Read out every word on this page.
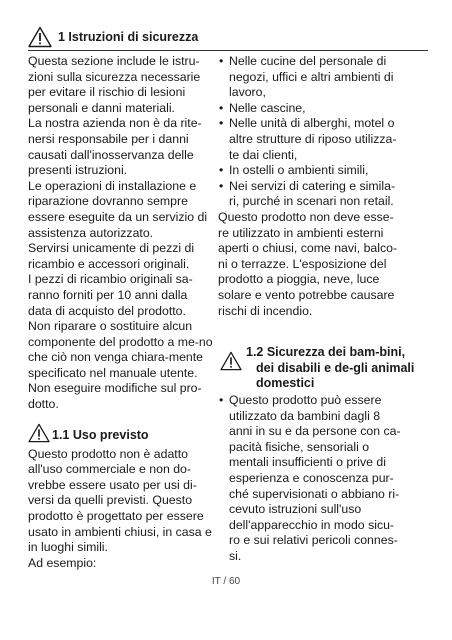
1 Istruzioni di sicurezza

Questa sezione include le istru-zioni sulla sicurezza necessarie per evitare il rischio di lesioni personali e danni materiali.

La nostra azienda non è da rite-nersi responsabile per i danni causati dall'inosservanza delle presenti istruzioni.

Le operazioni di installazione e riparazione dovranno sempre essere eseguite da un servizio di assistenza autorizzato.

Servirsi unicamente di pezzi di ricambio e accessori originali.

I pezzi di ricambio originali sa-ranno forniti per 10 anni dalla data di acquisto del prodotto.

Non riparare o sostituire alcun componente del prodotto a me-no che ciò non venga chiara-mente specificato nel manuale utente.

Non eseguire modifiche sul pro-dotto.

1.1 Uso previsto

Questo prodotto non è adatto all'uso commerciale e non do-vrebbe essere usato per usi di-versi da quelli previsti. Questo prodotto è progettato per essere usato in ambienti chiusi, in casa e in luoghi simili.

Ad esempio:

• Nelle cucine del personale di negozi, uffici e altri ambienti di lavoro,
• Nelle cascine,
• Nelle unità di alberghi, motel o altre strutture di riposo utilizza-te dai clienti,
• In ostelli o ambienti simili,
• Nei servizi di catering e simila-ri, purché in scenari non retail.

Questo prodotto non deve esse-re utilizzato in ambienti esterni aperti o chiusi, come navi, balco-ni o terrazze. L'esposizione del prodotto a pioggia, neve, luce solare e vento potrebbe causare rischi di incendio.

1.2 Sicurezza dei bam-bini, dei disabili e de-gli animali domestici
• Questo prodotto può essere utilizzato da bambini dagli 8 anni in su e da persone con ca-pacità fisiche, sensoriali o mentali insufficienti o prive di esperienza e conoscenza pur-ché supervisionati o abbiano ri-cevuto istruzioni sull'uso dell'apparecchio in modo sicu-ro e sui relativi pericoli connes-si.
IT / 60
